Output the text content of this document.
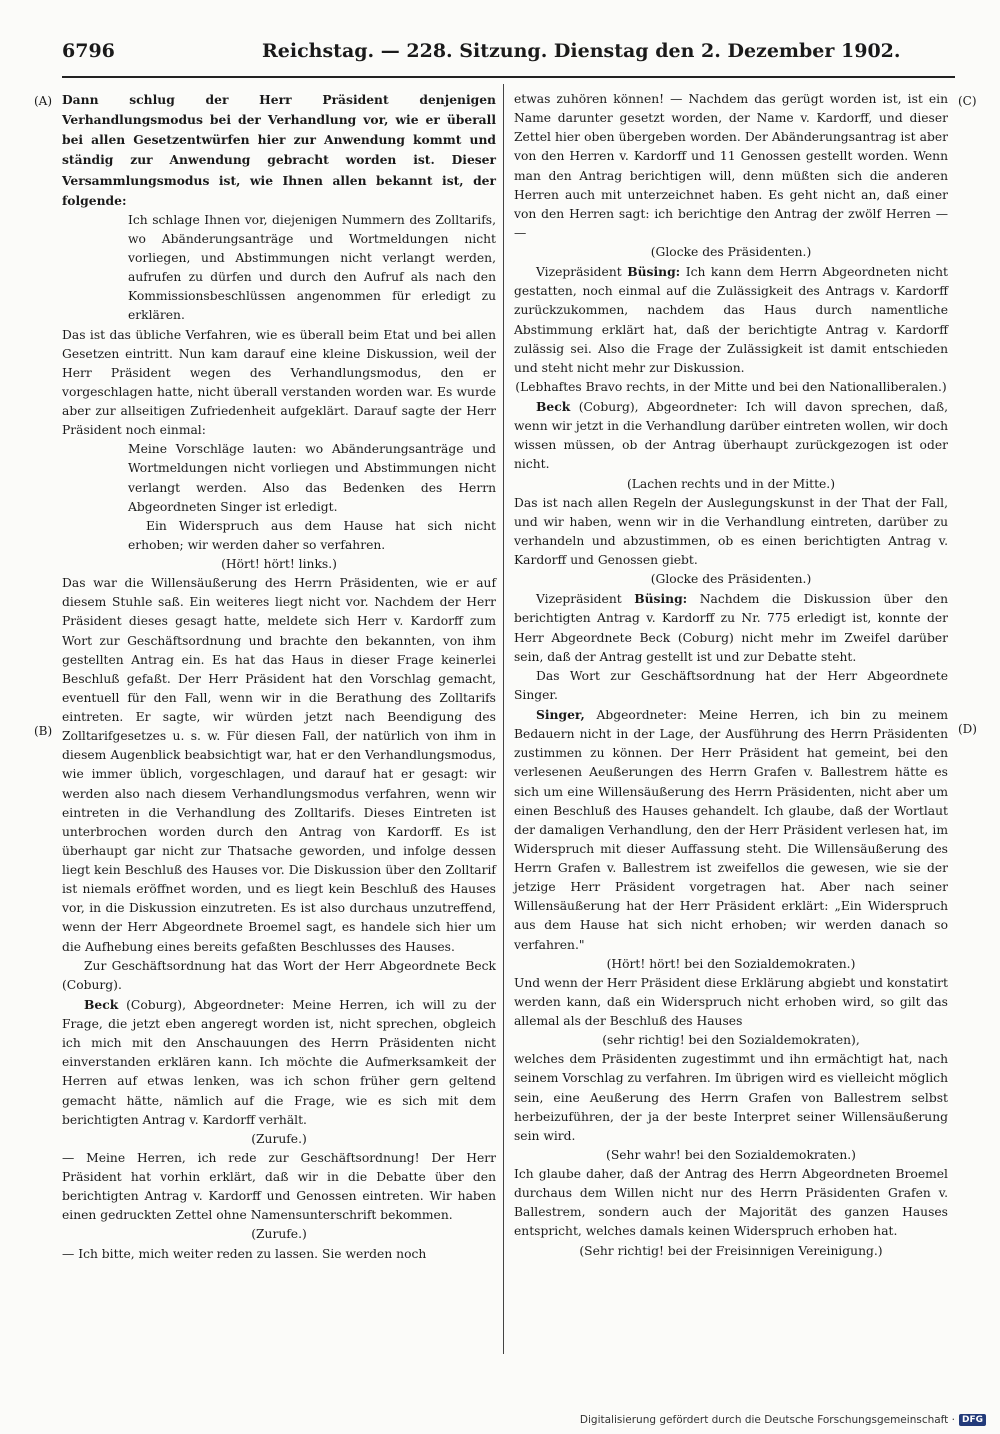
6796	Reichstag. — 228. Sitzung. Dienstag den 2. Dezember 1902.
(A)
(B)
(C)
(D)

Dann schlug der Herr Präsident denjenigen Verhandlungsmodus bei der Verhandlung vor, wie er überall bei allen Gesetzentwürfen hier zur Anwendung kommt und ständig zur Anwendung gebracht worden ist. Dieser Versammlungsmodus ist, wie Ihnen allen bekannt ist, der folgende:

Ich schlage Ihnen vor, diejenigen Nummern des Zolltarifs, wo Abänderungsanträge und Wortmeldungen nicht vorliegen, und Abstimmungen nicht verlangt werden, aufrufen zu dürfen und durch den Aufruf als nach den Kommissionsbeschlüssen angenommen für erledigt zu erklären.

Das ist das übliche Verfahren, wie es überall beim Etat und bei allen Gesetzen eintritt. Nun kam darauf eine kleine Diskussion, weil der Herr Präsident wegen des Verhandlungsmodus, den er vorgeschlagen hatte, nicht überall verstanden worden war. Es wurde aber zur allseitigen Zufriedenheit aufgeklärt. Darauf sagte der Herr Präsident noch einmal:

Meine Vorschläge lauten: wo Abänderungsanträge und Wortmeldungen nicht vorliegen und Abstimmungen nicht verlangt werden. Also das Bedenken des Herrn Abgeordneten Singer ist erledigt.

Ein Widerspruch aus dem Hause hat sich nicht erhoben; wir werden daher so verfahren.

(Hört! hört! links.)

Das war die Willensäußerung des Herrn Präsidenten, wie er auf diesem Stuhle saß. Ein weiteres liegt nicht vor. Nachdem der Herr Präsident dieses gesagt hatte, meldete sich Herr v. Kardorff zum Wort zur Geschäftsordnung und brachte den bekannten, von ihm gestellten Antrag ein. Es hat das Haus in dieser Frage keinerlei Beschluß gefaßt. Der Herr Präsident hat den Vorschlag gemacht, eventuell für den Fall, wenn wir in die Berathung des Zolltarifs eintreten. Er sagte, wir würden jetzt nach Beendigung des Zolltarifgesetzes u. s. w. Für diesen Fall, der natürlich von ihm in diesem Augenblick beabsichtigt war, hat er den Verhandlungsmodus, wie immer üblich, vorgeschlagen, und darauf hat er gesagt: wir werden also nach diesem Verhandlungsmodus verfahren, wenn wir eintreten in die Verhandlung des Zolltarifs. Dieses Eintreten ist unterbrochen worden durch den Antrag von Kardorff. Es ist überhaupt gar nicht zur Thatsache geworden, und infolge dessen liegt kein Beschluß des Hauses vor. Die Diskussion über den Zolltarif ist niemals eröffnet worden, und es liegt kein Beschluß des Hauses vor, in die Diskussion einzutreten. Es ist also durchaus unzutreffend, wenn der Herr Abgeordnete Broemel sagt, es handele sich hier um die Aufhebung eines bereits gefaßten Beschlusses des Hauses.

Zur Geschäftsordnung hat das Wort der Herr Abgeordnete Beck (Coburg).

Beck (Coburg), Abgeordneter: Meine Herren, ich will zu der Frage, die jetzt eben angeregt worden ist, nicht sprechen, obgleich ich mich mit den Anschauungen des Herrn Präsidenten nicht einverstanden erklären kann. Ich möchte die Aufmerksamkeit der Herren auf etwas lenken, was ich schon früher gern geltend gemacht hätte, nämlich auf die Frage, wie es sich mit dem berichtigten Antrag v. Kardorff verhält.

(Zurufe.)

— Meine Herren, ich rede zur Geschäftsordnung! Der Herr Präsident hat vorhin erklärt, daß wir in die Debatte über den berichtigten Antrag v. Kardorff und Genossen eintreten. Wir haben einen gedruckten Zettel ohne Namensunterschrift bekommen.

(Zurufe.)

— Ich bitte, mich weiter reden zu lassen. Sie werden noch

etwas zuhören können! — Nachdem das gerügt worden ist, ist ein Name darunter gesetzt worden, der Name v. Kardorff, und dieser Zettel hier oben übergeben worden. Der Abänderungsantrag ist aber von den Herren v. Kardorff und 11 Genossen gestellt worden. Wenn man den Antrag berichtigen will, denn müßten sich die anderen Herren auch mit unterzeichnet haben. Es geht nicht an, daß einer von den Herren sagt: ich berichtige den Antrag der zwölf Herren — —

(Glocke des Präsidenten.)

Vizepräsident Büsing: Ich kann dem Herrn Abgeordneten nicht gestatten, noch einmal auf die Zulässigkeit des Antrags v. Kardorff zurückzukommen, nachdem das Haus durch namentliche Abstimmung erklärt hat, daß der berichtigte Antrag v. Kardorff zulässig sei. Also die Frage der Zulässigkeit ist damit entschieden und steht nicht mehr zur Diskussion.

(Lebhaftes Bravo rechts, in der Mitte und bei den Nationalliberalen.)

Beck (Coburg), Abgeordneter: Ich will davon sprechen, daß, wenn wir jetzt in die Verhandlung darüber eintreten wollen, wir doch wissen müssen, ob der Antrag überhaupt zurückgezogen ist oder nicht.

(Lachen rechts und in der Mitte.)

Das ist nach allen Regeln der Auslegungskunst in der That der Fall, und wir haben, wenn wir in die Verhandlung eintreten, darüber zu verhandeln und abzustimmen, ob es einen berichtigten Antrag v. Kardorff und Genossen giebt.

(Glocke des Präsidenten.)

Vizepräsident Büsing: Nachdem die Diskussion über den berichtigten Antrag v. Kardorff zu Nr. 775 erledigt ist, konnte der Herr Abgeordnete Beck (Coburg) nicht mehr im Zweifel darüber sein, daß der Antrag gestellt ist und zur Debatte steht.

Das Wort zur Geschäftsordnung hat der Herr Abgeordnete Singer.

Singer, Abgeordneter: Meine Herren, ich bin zu meinem Bedauern nicht in der Lage, der Ausführung des Herrn Präsidenten zustimmen zu können. Der Herr Präsident hat gemeint, bei den verlesenen Aeußerungen des Herrn Grafen v. Ballestrem hätte es sich um eine Willensäußerung des Herrn Präsidenten, nicht aber um einen Beschluß des Hauses gehandelt. Ich glaube, daß der Wortlaut der damaligen Verhandlung, den der Herr Präsident verlesen hat, im Widerspruch mit dieser Auffassung steht. Die Willensäußerung des Herrn Grafen v. Ballestrem ist zweifellos die gewesen, wie sie der jetzige Herr Präsident vorgetragen hat. Aber nach seiner Willensäußerung hat der Herr Präsident erklärt: „Ein Widerspruch aus dem Hause hat sich nicht erhoben; wir werden danach so verfahren."

(Hört! hört! bei den Sozialdemokraten.)

Und wenn der Herr Präsident diese Erklärung abgiebt und konstatirt werden kann, daß ein Widerspruch nicht erhoben wird, so gilt das allemal als der Beschluß des Hauses

(sehr richtig! bei den Sozialdemokraten),

welches dem Präsidenten zugestimmt und ihn ermächtigt hat, nach seinem Vorschlag zu verfahren. Im übrigen wird es vielleicht möglich sein, eine Aeußerung des Herrn Grafen von Ballestrem selbst herbeizuführen, der ja der beste Interpret seiner Willensäußerung sein wird.

(Sehr wahr! bei den Sozialdemokraten.)

Ich glaube daher, daß der Antrag des Herrn Abgeordneten Broemel durchaus dem Willen nicht nur des Herrn Präsidenten Grafen v. Ballestrem, sondern auch der Majorität des ganzen Hauses entspricht, welches damals keinen Widerspruch erhoben hat.

(Sehr richtig! bei der Freisinnigen Vereinigung.)

Digitalisierung gefördert durch die Deutsche Forschungsgemeinschaft · DFG
